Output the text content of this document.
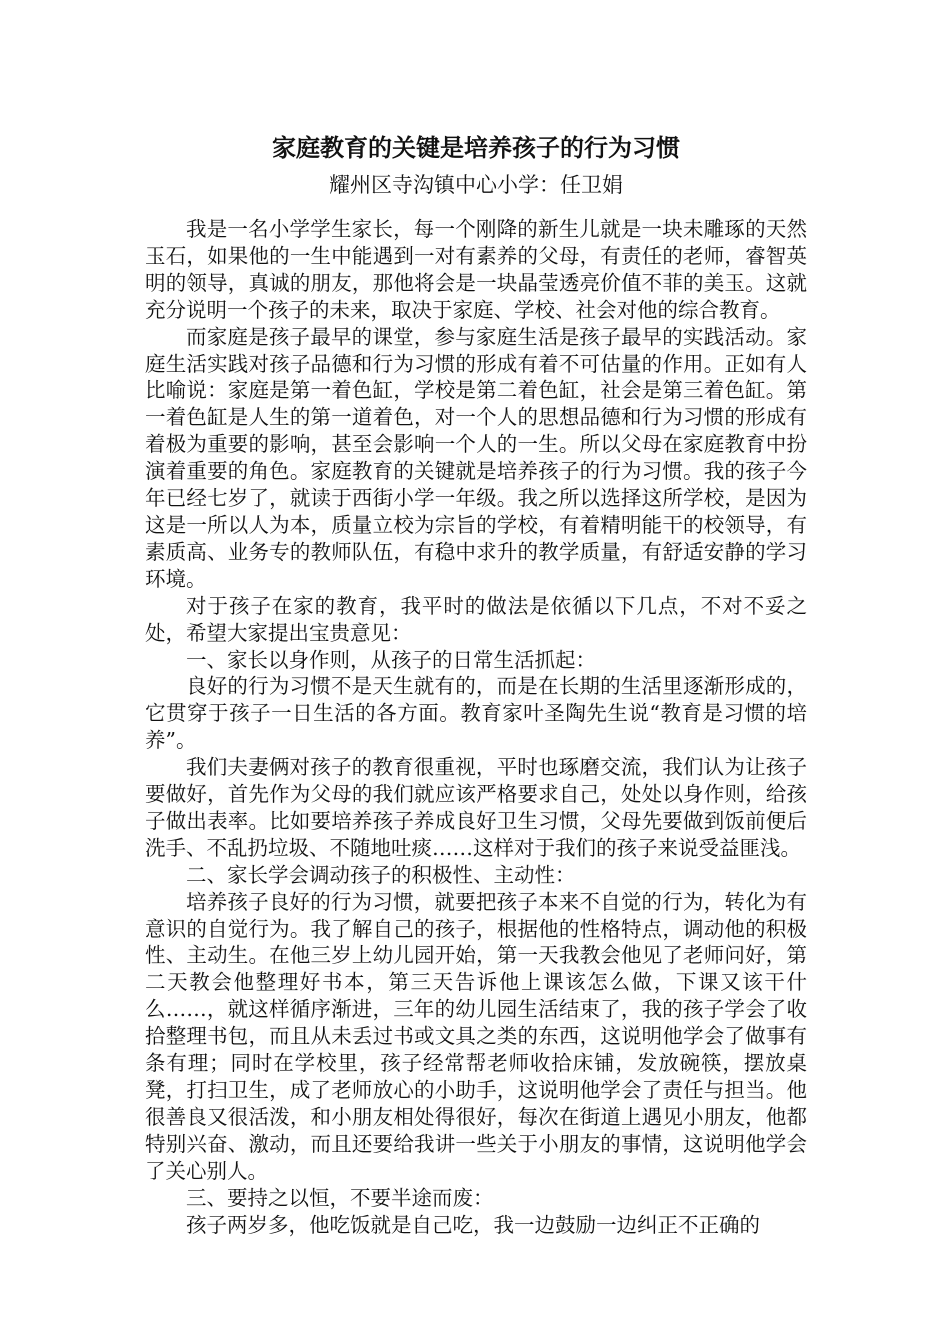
家庭教育的关键是培养孩子的行为习惯
耀州区寺沟镇中心小学：任卫娟

我是一名小学学生家长，每一个刚降的新生儿就是一块未雕琢的天然玉石，如果他的一生中能遇到一对有素养的父母，有责任的老师，睿智英明的领导，真诚的朋友，那他将会是一块晶莹透亮价值不菲的美玉。这就充分说明一个孩子的未来，取决于家庭、学校、社会对他的综合教育。

而家庭是孩子最早的课堂，参与家庭生活是孩子最早的实践活动。家庭生活实践对孩子品德和行为习惯的形成有着不可估量的作用。正如有人比喻说：家庭是第一着色缸，学校是第二着色缸，社会是第三着色缸。第一着色缸是人生的第一道着色，对一个人的思想品德和行为习惯的形成有着极为重要的影响，甚至会影响一个人的一生。所以父母在家庭教育中扮演着重要的角色。家庭教育的关键就是培养孩子的行为习惯。我的孩子今年已经七岁了，就读于西街小学一年级。我之所以选择这所学校，是因为这是一所以人为本，质量立校为宗旨的学校，有着精明能干的校领导，有素质高、业务专的教师队伍，有稳中求升的教学质量，有舒适安静的学习环境。

对于孩子在家的教育，我平时的做法是依循以下几点，不对不妥之处，希望大家提出宝贵意见：

一、家长以身作则，从孩子的日常生活抓起：

良好的行为习惯不是天生就有的，而是在长期的生活里逐渐形成的，它贯穿于孩子一日生活的各方面。教育家叶圣陶先生说“教育是习惯的培养”。

我们夫妻俩对孩子的教育很重视，平时也琢磨交流，我们认为让孩子要做好，首先作为父母的我们就应该严格要求自己，处处以身作则，给孩子做出表率。比如要培养孩子养成良好卫生习惯，父母先要做到饭前便后洗手、不乱扔垃圾、不随地吐痰……这样对于我们的孩子来说受益匪浅。

二、家长学会调动孩子的积极性、主动性：

培养孩子良好的行为习惯，就要把孩子本来不自觉的行为，转化为有意识的自觉行为。我了解自己的孩子，根据他的性格特点，调动他的积极性、主动生。在他三岁上幼儿园开始，第一天我教会他见了老师问好，第二天教会他整理好书本，第三天告诉他上课该怎么做，下课又该干什么……，就这样循序渐进，三年的幼儿园生活结束了，我的孩子学会了收拾整理书包，而且从未丢过书或文具之类的东西，这说明他学会了做事有条有理；同时在学校里，孩子经常帮老师收拾床铺，发放碗筷，摆放桌凳，打扫卫生，成了老师放心的小助手，这说明他学会了责任与担当。他很善良又很活泼，和小朋友相处得很好，每次在街道上遇见小朋友，他都特别兴奋、激动，而且还要给我讲一些关于小朋友的事情，这说明他学会了关心别人。

三、要持之以恒，不要半途而废：

孩子两岁多，他吃饭就是自己吃，我一边鼓励一边纠正不正确的
